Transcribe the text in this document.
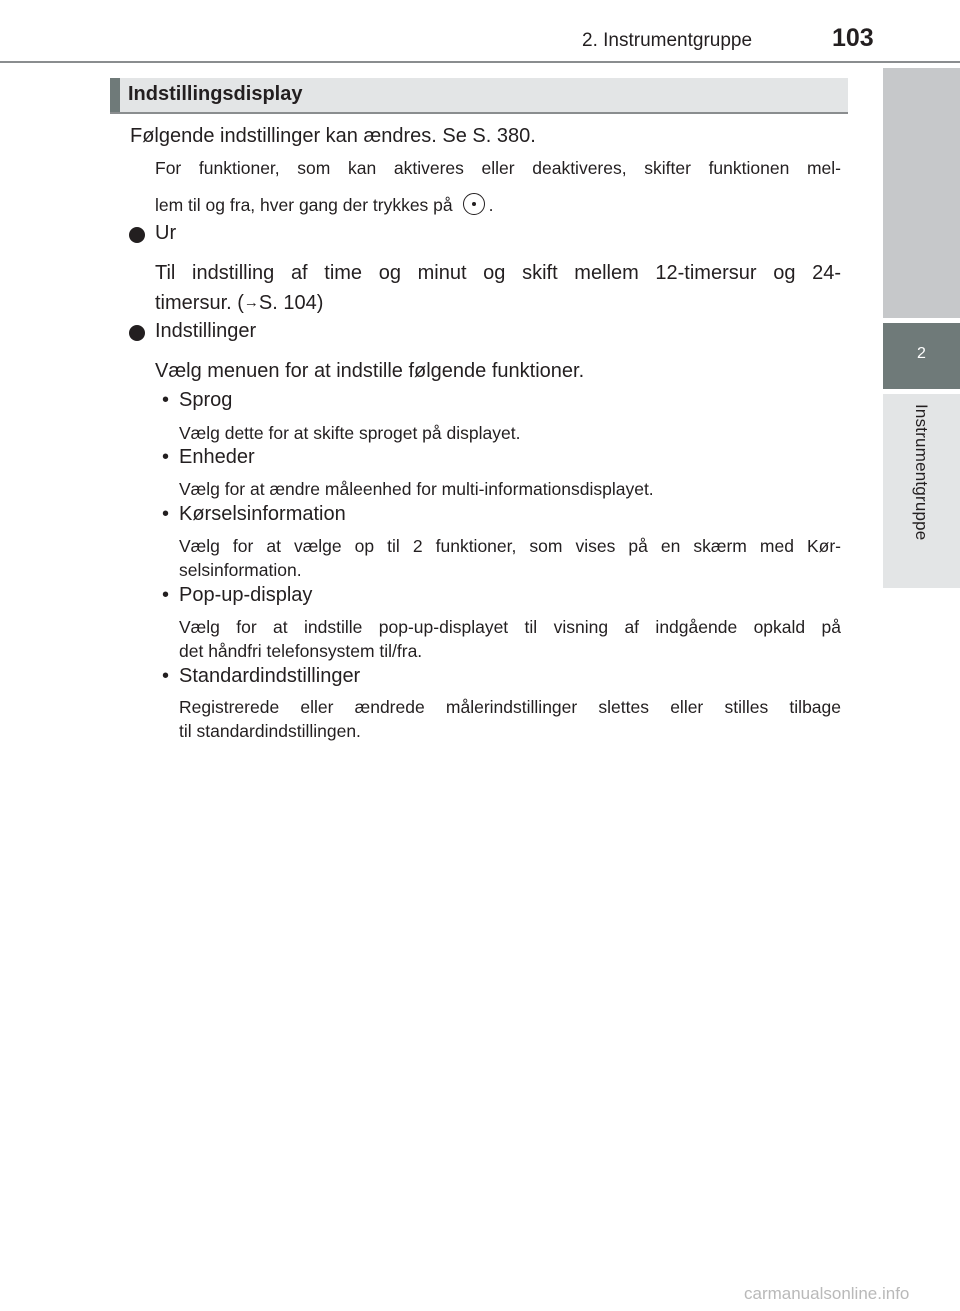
2. Instrumentgruppe	103
2
Instrumentgruppe
Indstillingsdisplay
Følgende indstillinger kan ændres. Se S. 380.
For funktioner, som kan aktiveres eller deaktiveres, skifter funktionen mel-
lem til og fra, hver gang der trykkes på .
Ur
Til indstilling af time og minut og skift mellem 12-timersur og 24-
timersur. (→S. 104)
Indstillinger
Vælg menuen for at indstille følgende funktioner.
• Sprog
Vælg dette for at skifte sproget på displayet.
• Enheder
Vælg for at ændre måleenhed for multi-informationsdisplayet.
• Kørselsinformation
Vælg for at vælge op til 2 funktioner, som vises på en skærm med Kør-
selsinformation.
• Pop-up-display
Vælg for at indstille pop-up-displayet til visning af indgående opkald på
det håndfri telefonsystem til/fra.
• Standardindstillinger
Registrerede eller ændrede målerindstillinger slettes eller stilles tilbage
til standardindstillingen.
carmanualsonline.info
